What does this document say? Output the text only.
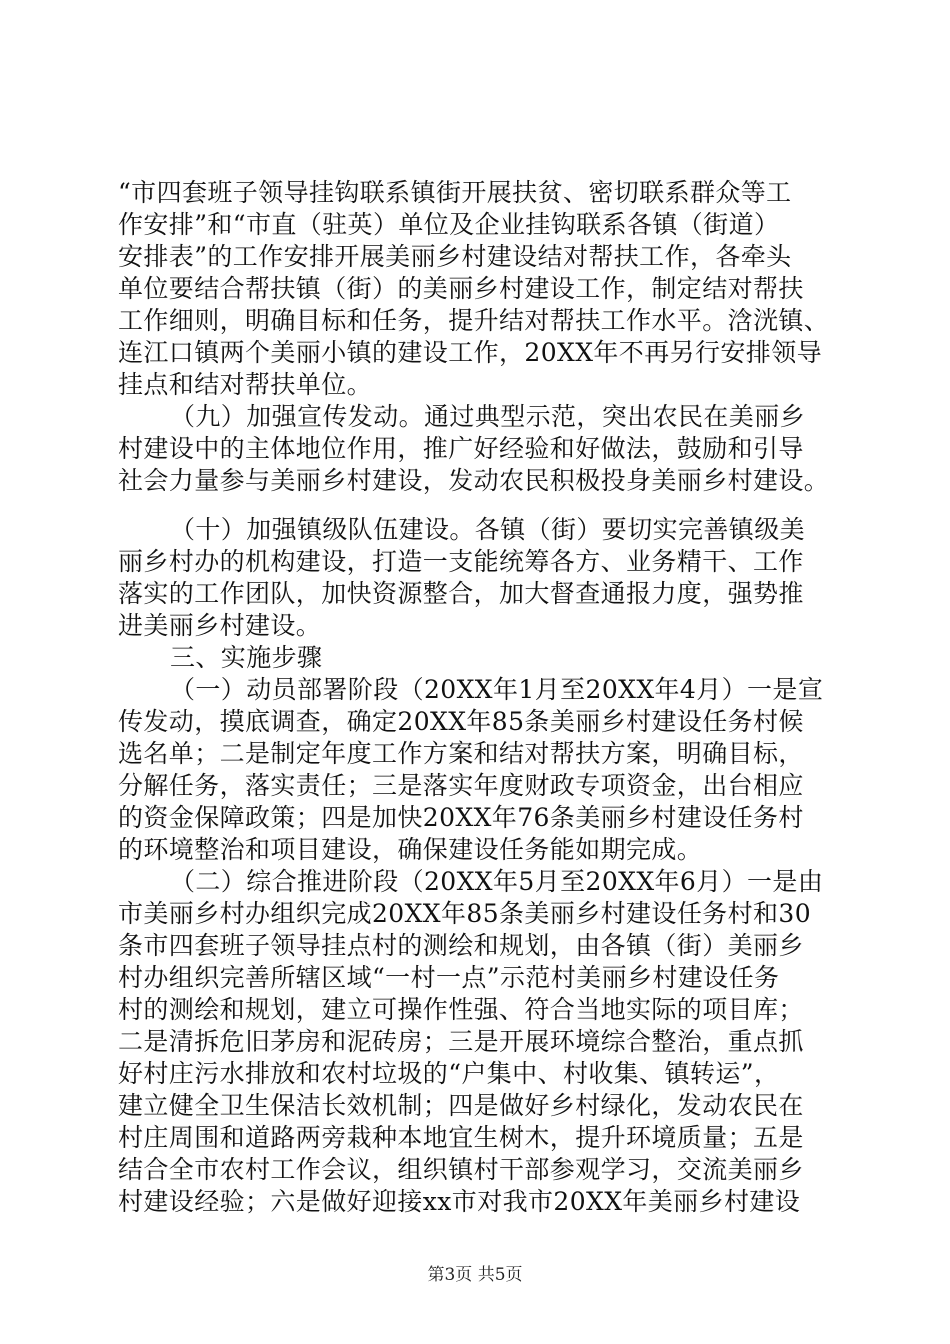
“市四套班子领导挂钩联系镇街开展扶贫、密切联系群众等工
作安排”和“市直（驻英）单位及企业挂钩联系各镇（街道）
安排表”的工作安排开展美丽乡村建设结对帮扶工作，各牵头
单位要结合帮扶镇（街）的美丽乡村建设工作，制定结对帮扶
工作细则，明确目标和任务，提升结对帮扶工作水平。浛洸镇、
连江口镇两个美丽小镇的建设工作，20XX年不再另行安排领导
挂点和结对帮扶单位。
（九）加强宣传发动。通过典型示范，突出农民在美丽乡
村建设中的主体地位作用，推广好经验和好做法，鼓励和引导
社会力量参与美丽乡村建设，发动农民积极投身美丽乡村建设。
（十）加强镇级队伍建设。各镇（街）要切实完善镇级美
丽乡村办的机构建设，打造一支能统筹各方、业务精干、工作
落实的工作团队，加快资源整合，加大督查通报力度，强势推
进美丽乡村建设。
三、实施步骤
（一）动员部署阶段（20XX年1月至20XX年4月）一是宣
传发动，摸底调查，确定20XX年85条美丽乡村建设任务村候
选名单；二是制定年度工作方案和结对帮扶方案，明确目标，
分解任务，落实责任；三是落实年度财政专项资金，出台相应
的资金保障政策；四是加快20XX年76条美丽乡村建设任务村
的环境整治和项目建设，确保建设任务能如期完成。
（二）综合推进阶段（20XX年5月至20XX年6月）一是由
市美丽乡村办组织完成20XX年85条美丽乡村建设任务村和30
条市四套班子领导挂点村的测绘和规划，由各镇（街）美丽乡
村办组织完善所辖区域“一村一点”示范村美丽乡村建设任务
村的测绘和规划，建立可操作性强、符合当地实际的项目库；
二是清拆危旧茅房和泥砖房；三是开展环境综合整治，重点抓
好村庄污水排放和农村垃圾的“户集中、村收集、镇转运”，
建立健全卫生保洁长效机制；四是做好乡村绿化，发动农民在
村庄周围和道路两旁栽种本地宜生树木，提升环境质量；五是
结合全市农村工作会议，组织镇村干部参观学习，交流美丽乡
村建设经验；六是做好迎接xx市对我市20XX年美丽乡村建设
第3页 共5页
